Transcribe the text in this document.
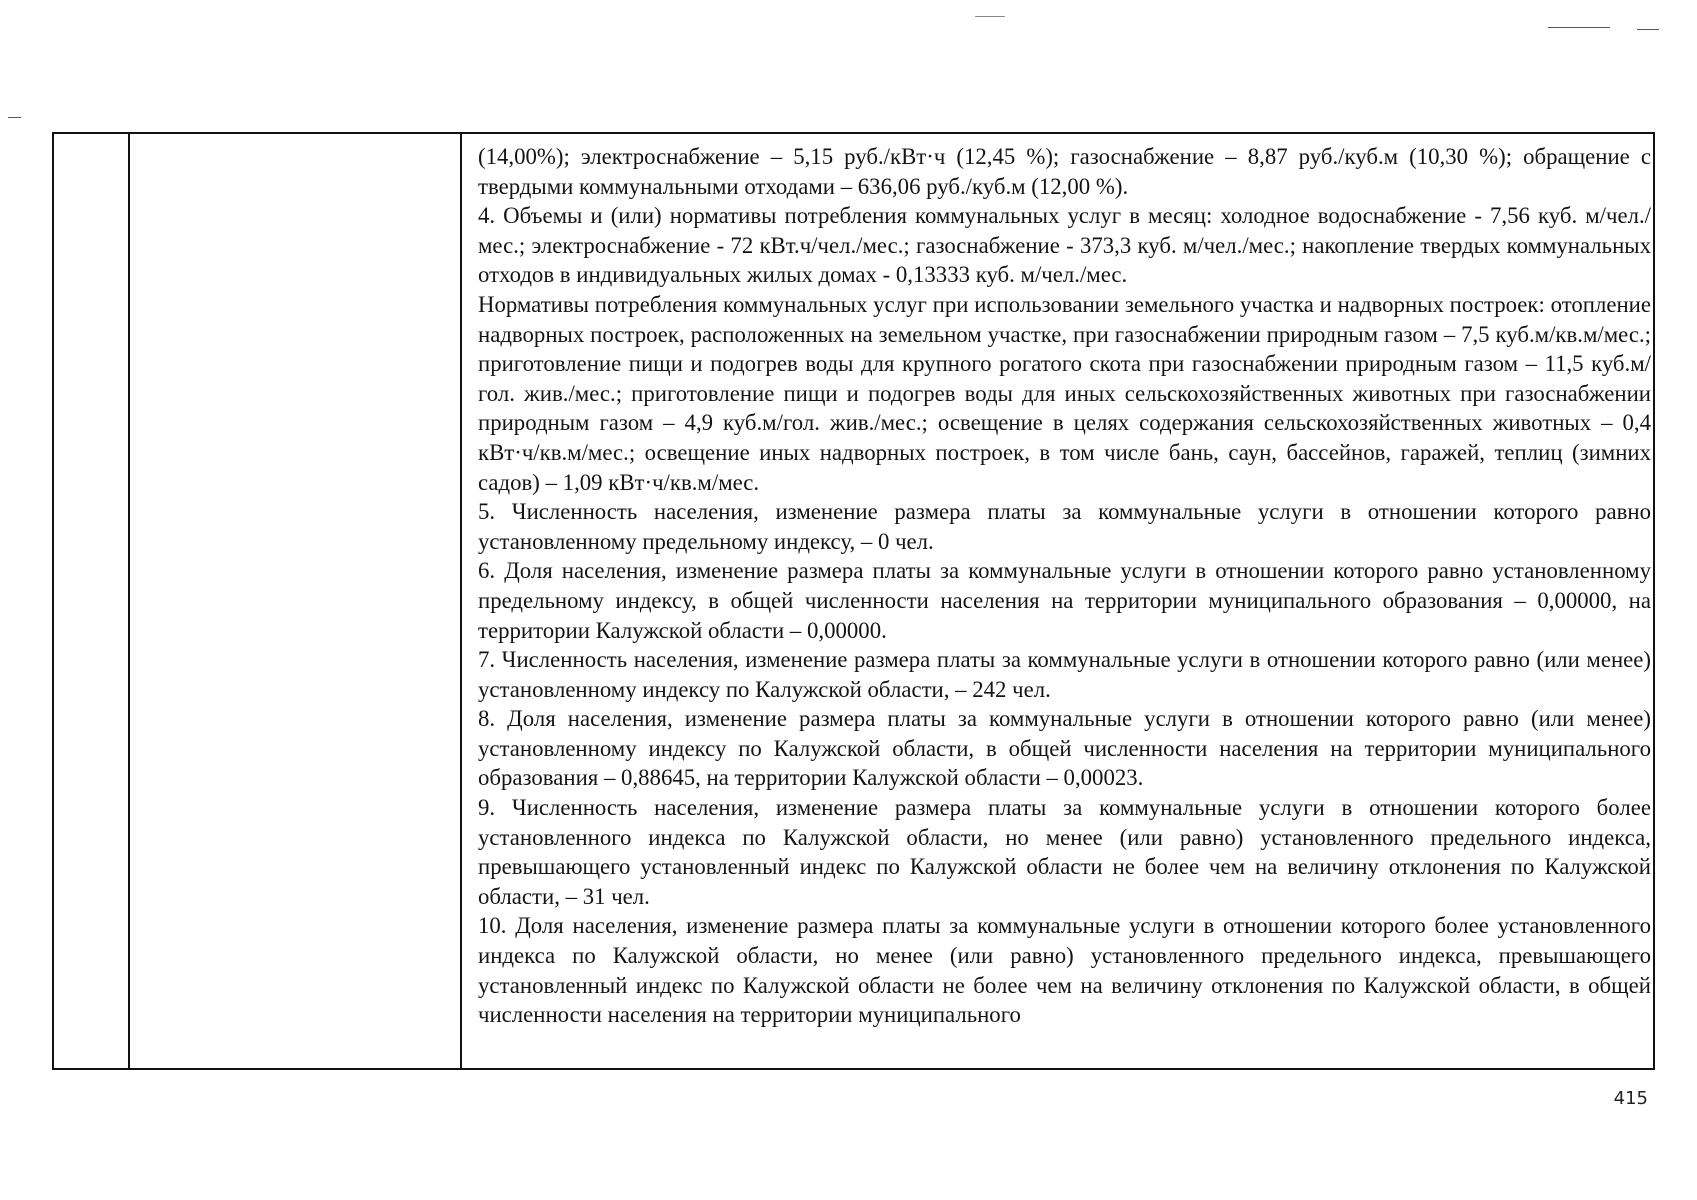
(14,00%); электроснабжение – 5,15 руб./кВт·ч (12,45 %); газоснабжение – 8,87 руб./куб.м (10,30 %); обращение с твердыми коммунальными отходами – 636,06 руб./куб.м (12,00 %).

4. Объемы и (или) нормативы потребления коммунальных услуг в месяц: холодное водоснабжение - 7,56 куб. м/чел./мес.; электроснабжение - 72 кВт.ч/чел./мес.; газоснабжение - 373,3 куб. м/чел./мес.; накопление твердых коммунальных отходов в индивидуальных жилых домах - 0,13333 куб. м/чел./мес.

Нормативы потребления коммунальных услуг при использовании земельного участка и надворных построек: отопление надворных построек, расположенных на земельном участке, при газоснабжении природным газом – 7,5 куб.м/кв.м/мес.; приготовление пищи и подогрев воды для крупного рогатого скота при газоснабжении природным газом – 11,5 куб.м/гол. жив./мес.; приготовление пищи и подогрев воды для иных сельскохозяйственных животных при газоснабжении природным газом – 4,9 куб.м/гол. жив./мес.; освещение в целях содержания сельскохозяйственных животных – 0,4 кВт·ч/кв.м/мес.; освещение иных надворных построек, в том числе бань, саун, бассейнов, гаражей, теплиц (зимних садов) – 1,09 кВт·ч/кв.м/мес.

5. Численность населения, изменение размера платы за коммунальные услуги в отношении которого равно установленному предельному индексу, – 0 чел.

6. Доля населения, изменение размера платы за коммунальные услуги в отношении которого равно установленному предельному индексу, в общей численности населения на территории муниципального образования – 0,00000, на территории Калужской области – 0,00000.

7. Численность населения, изменение размера платы за коммунальные услуги в отношении которого равно (или менее) установленному индексу по Калужской области, – 242 чел.

8. Доля населения, изменение размера платы за коммунальные услуги в отношении которого равно (или менее) установленному индексу по Калужской области, в общей численности населения на территории муниципального образования – 0,88645, на территории Калужской области – 0,00023.

9. Численность населения, изменение размера платы за коммунальные услуги в отношении которого более установленного индекса по Калужской области, но менее (или равно) установленного предельного индекса, превышающего установленный индекс по Калужской области не более чем на величину отклонения по Калужской области, – 31 чел.

10. Доля населения, изменение размера платы за коммунальные услуги в отношении которого более установленного индекса по Калужской области, но менее (или равно) установленного предельного индекса, превышающего установленный индекс по Калужской области не более чем на величину отклонения по Калужской области, в общей численности населения на территории муниципального

415
